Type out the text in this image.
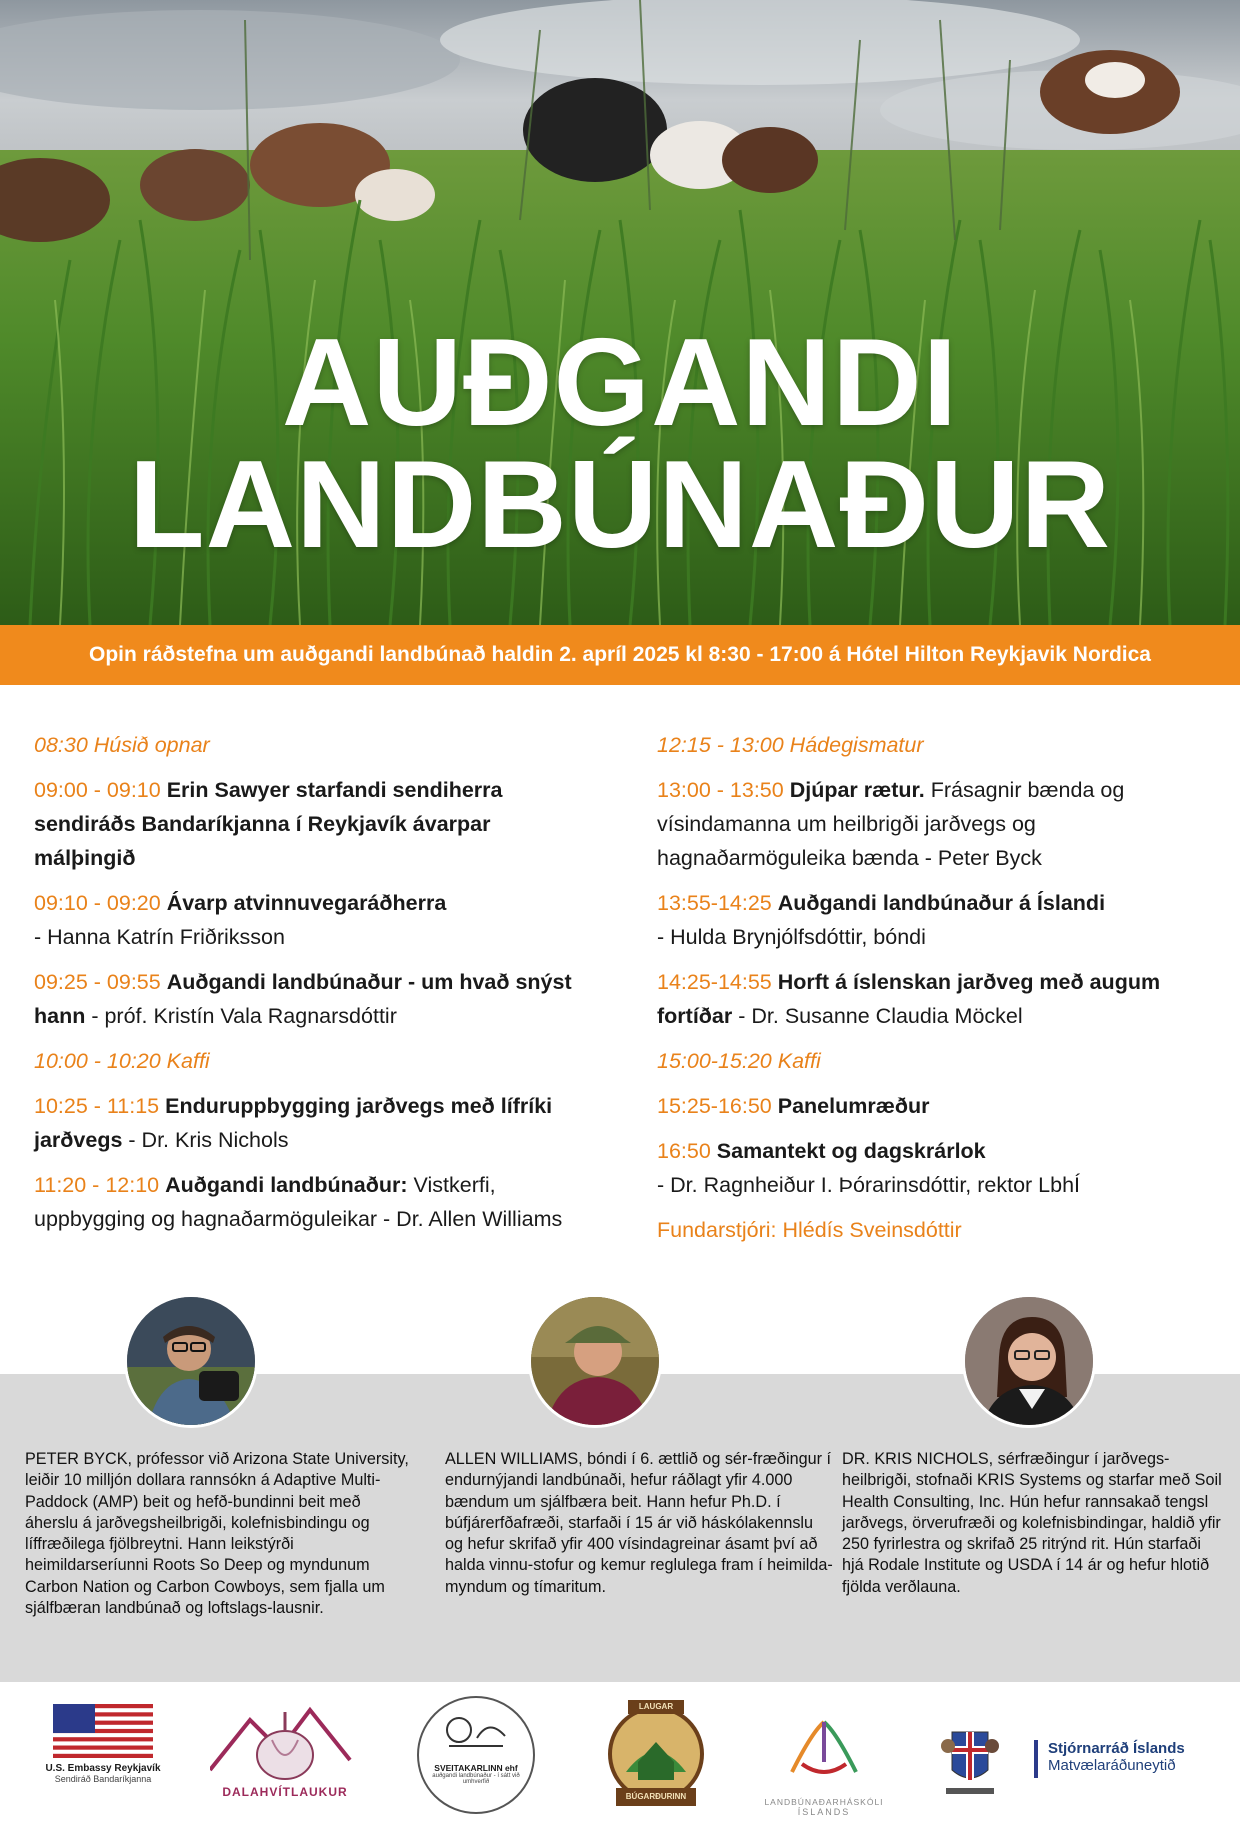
AUÐGANDI
LANDBÚNAÐUR
Opin ráðstefna um auðgandi landbúnað haldin 2. apríl 2025 kl 8:30 - 17:00 á Hótel Hilton Reykjavik Nordica
08:30 Húsið opnar
09:00 - 09:10 Erin Sawyer starfandi sendiherra sendiráðs Bandaríkjanna í Reykjavík ávarpar málþingið
09:10 - 09:20 Ávarp atvinnuvegaráðherra
- Hanna Katrín Friðriksson
09:25 - 09:55 Auðgandi landbúnaður - um hvað snýst hann - próf. Kristín Vala Ragnarsdóttir
10:00 - 10:20 Kaffi
10:25 - 11:15 Enduruppbygging jarðvegs með lífríki jarðvegs - Dr. Kris Nichols
11:20 - 12:10 Auðgandi landbúnaður: Vistkerfi, uppbygging og hagnaðarmöguleikar - Dr. Allen Williams
12:15 - 13:00 Hádegismatur
13:00 - 13:50 Djúpar rætur. Frásagnir bænda og vísindamanna um heilbrigði jarðvegs og hagnaðarmöguleika bænda - Peter Byck
13:55-14:25 Auðgandi landbúnaður á Íslandi
- Hulda Brynjólfsdóttir, bóndi
14:25-14:55 Horft á íslenskan jarðveg með augum fortíðar - Dr. Susanne Claudia Möckel
15:00-15:20 Kaffi
15:25-16:50 Panelumræður
16:50 Samantekt og dagskrárlok
- Dr. Ragnheiður I. Þórarinsdóttir, rektor LbhÍ
Fundarstjóri: Hlédís Sveinsdóttir
PETER BYCK, prófessor við Arizona State University, leiðir 10 milljón dollara rannsókn á Adaptive Multi-Paddock (AMP) beit og hefð-bundinni beit með áherslu á jarðvegsheilbrigði, kolefnisbindingu og líffræðilega fjölbreytni. Hann leikstýrði heimildarseríunni Roots So Deep og myndunum Carbon Nation og Carbon Cowboys, sem fjalla um sjálfbæran landbúnað og loftslags-lausnir.
ALLEN WILLIAMS, bóndi í 6. ættlið og sér-fræðingur í endurnýjandi landbúnaði, hefur ráðlagt yfir 4.000 bændum um sjálfbæra beit. Hann hefur Ph.D. í búfjárerfðafræði, starfaði í 15 ár við háskólakennslu og hefur skrifað yfir 400 vísindagreinar ásamt því að halda vinnu-stofur og kemur reglulega fram í heimilda-myndum og tímaritum.
DR. KRIS NICHOLS, sérfræðingur í jarðvegs-heilbrigði, stofnaði KRIS Systems og starfar með Soil Health Consulting, Inc. Hún hefur rannsakað tengsl jarðvegs, örverufræði og kolefnisbindingar, haldið yfir 250 fyrirlestra og skrifað 25 ritrýnd rit. Hún starfaði hjá Rodale Institute og USDA í 14 ár og hefur hlotið fjölda verðlauna.
U.S. Embassy Reykjavík
Sendiráð Bandaríkjanna
DALAHVÍTLAUKUR
SVEITAKARLINN ehf
auðgandi landbúnaður - í sátt við umhverfið
LAUGAR
BÚGARÐURINN
LANDBÚNAÐARHÁSKÓLI
ÍSLANDS
Stjórnarráð Íslands
Matvælaráðuneytið
